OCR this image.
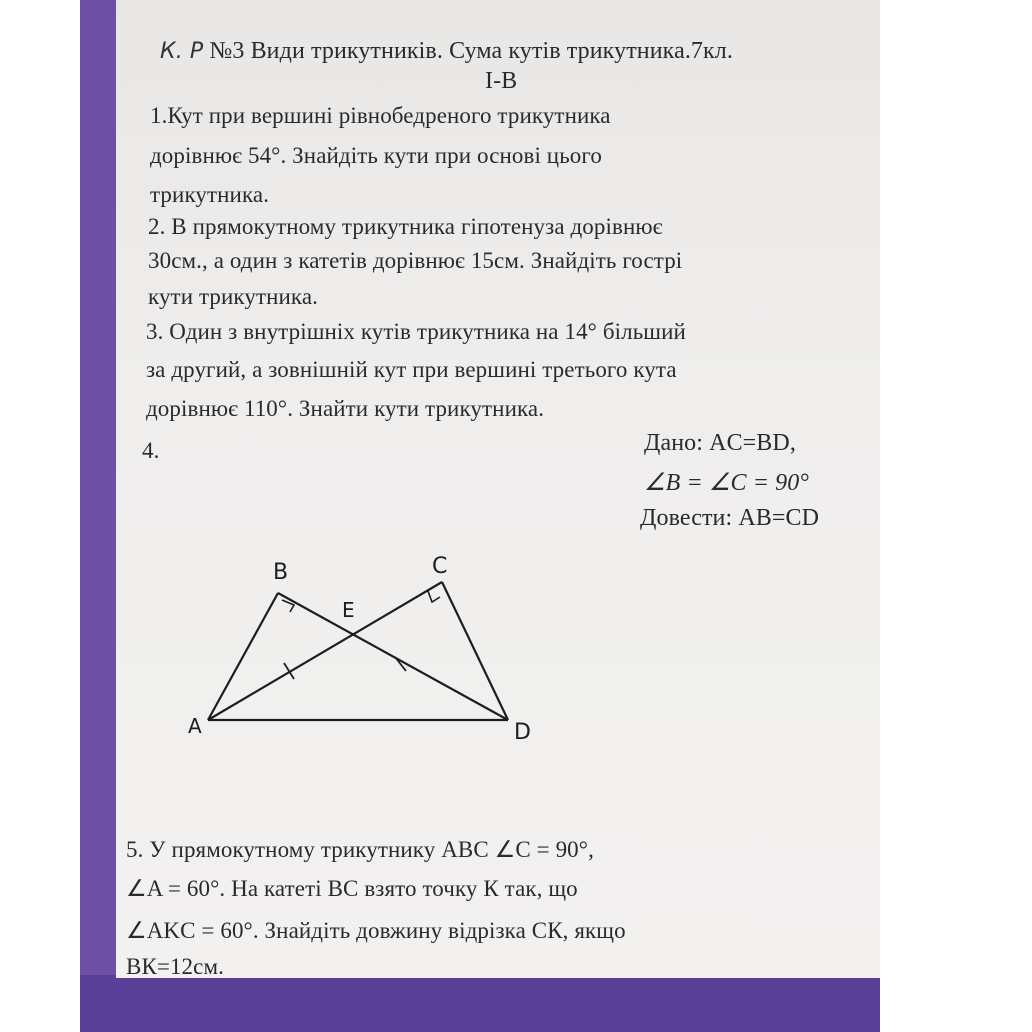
К. Р №3 Види трикутників. Сума кутів трикутника.7кл.
I-В
1.Кут при вершині рівнобедреного трикутника
дорівнює 54°. Знайдіть кути при основі цього
трикутника.
2. В прямокутному трикутника гіпотенуза дорівнює
30см., а один з катетів дорівнює 15см. Знайдіть гострі
кути трикутника.
3. Один з внутрішніх кутів трикутника на 14° більший
за другий, а зовнішній кут при вершині третього кута
дорівнює 110°. Знайти кути трикутника.
4.	Дано: AC=BD,
∠B = ∠C = 90°
Довести: AB=CD
A
B	C
D
E
5. У прямокутному трикутнику ABC ∠C = 90°,
∠A = 60°. На катеті BC взято точку К так, що
∠AKC = 60°. Знайдіть довжину відрізка СК, якщо
ВК=12см.
